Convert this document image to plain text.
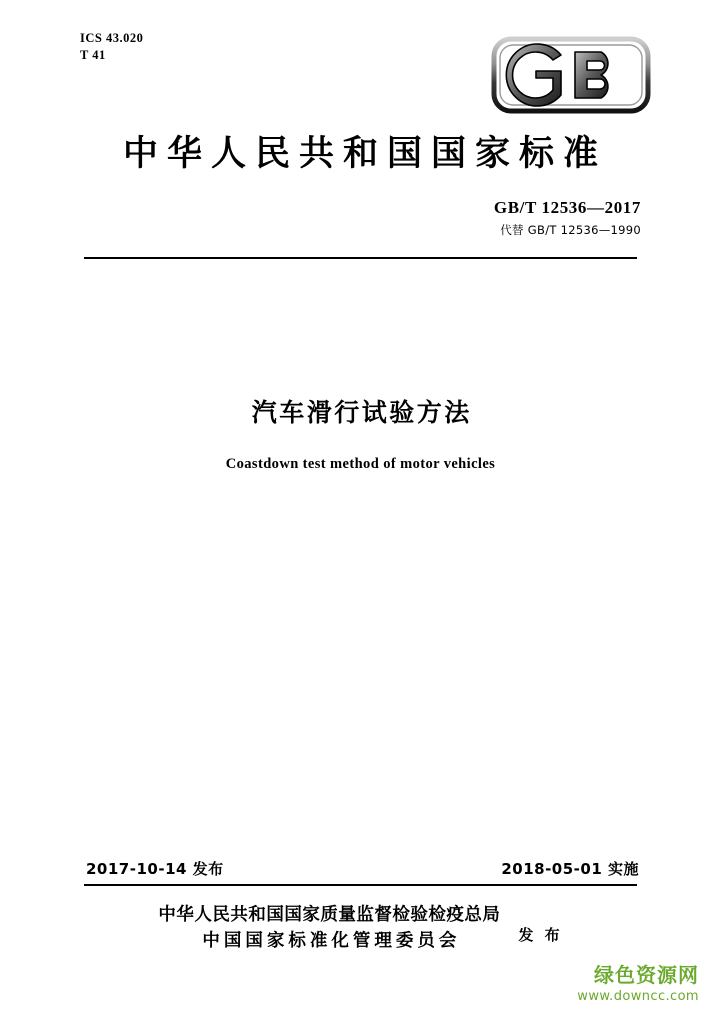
ICS 43.020
T 41
中华人民共和国国家标准
GB/T 12536—2017
代替 GB/T 12536—1990
汽车滑行试验方法
Coastdown test method of motor vehicles
2017-10-14 发布	2018-05-01 实施
中华人民共和国国家质量监督检验检疫总局
中国国家标准化管理委员会	发 布
绿色资源网
www.downcc.com
